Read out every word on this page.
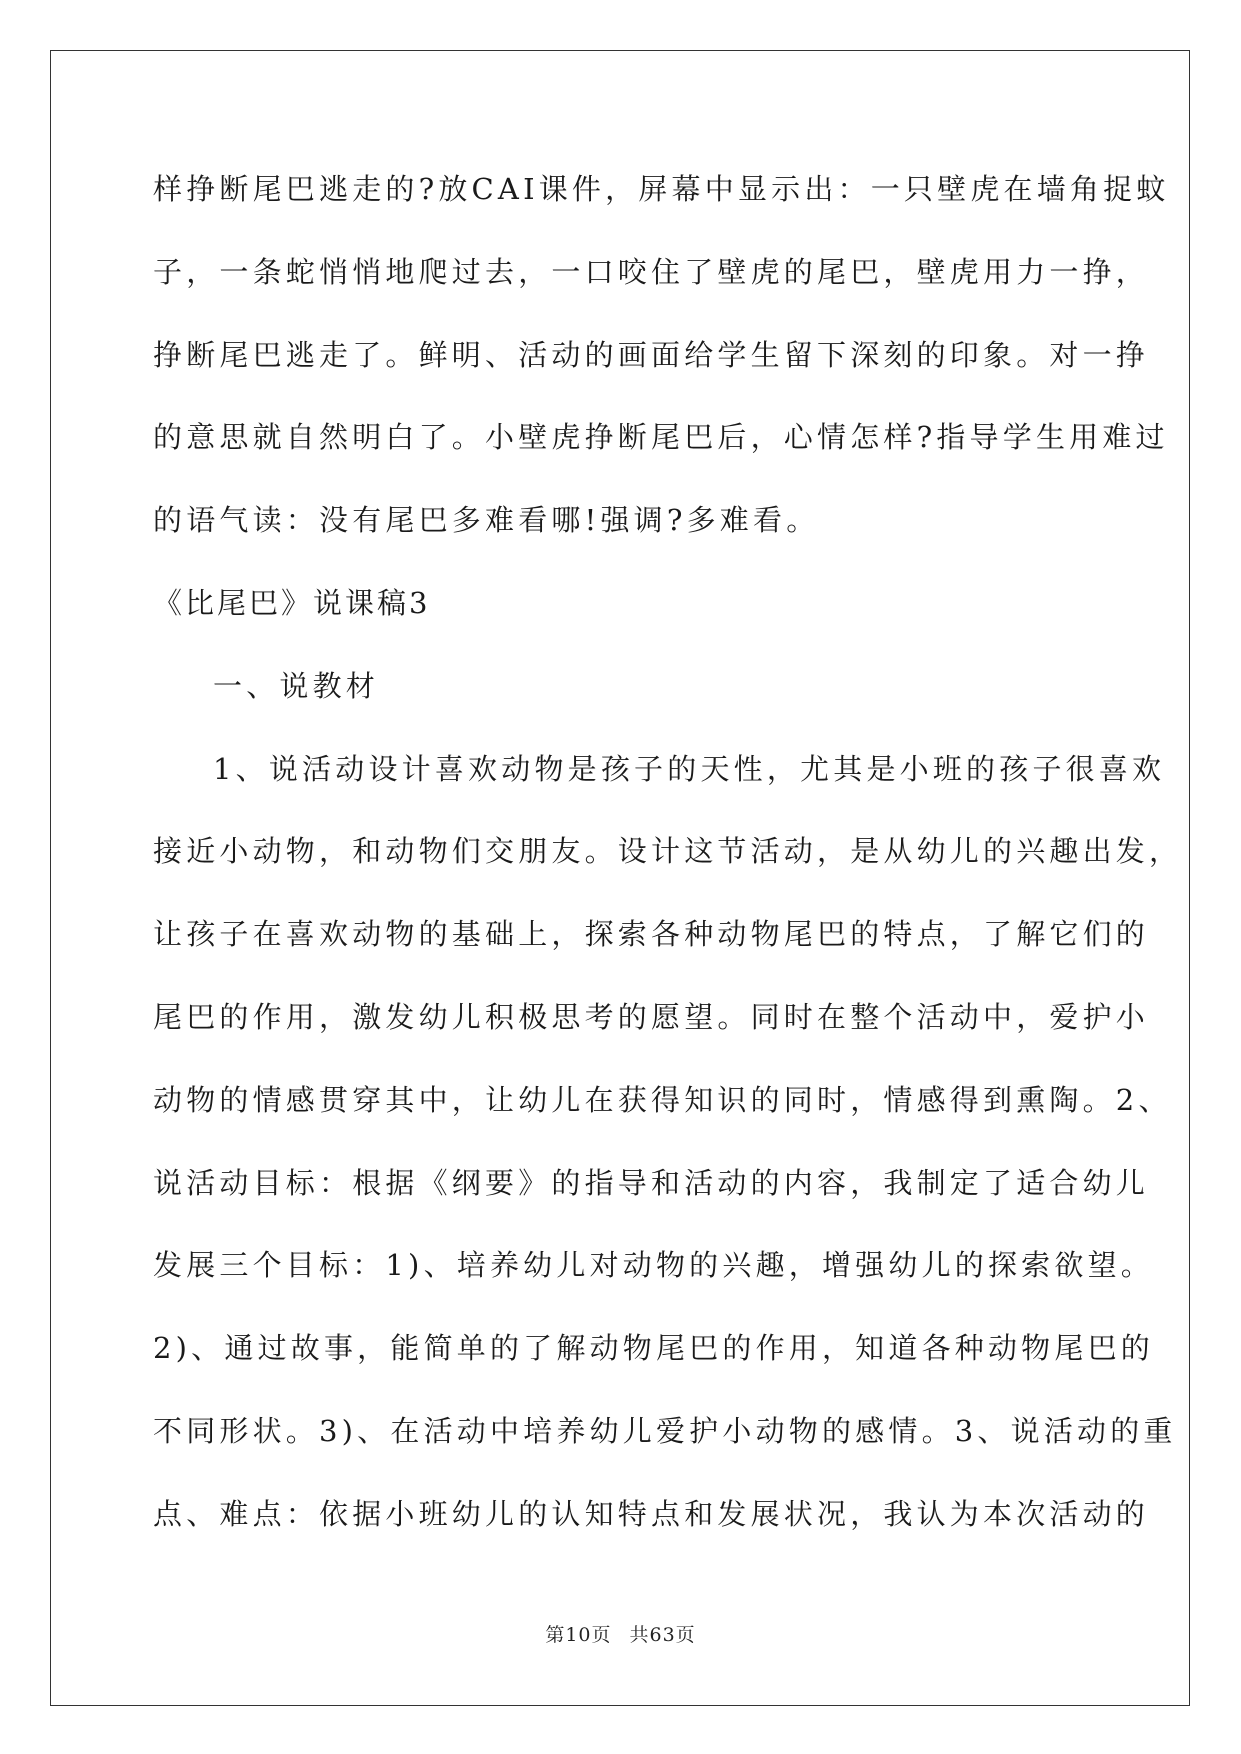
样挣断尾巴逃走的?放CAI课件，屏幕中显示出：一只壁虎在墙角捉蚊
子，一条蛇悄悄地爬过去，一口咬住了壁虎的尾巴，壁虎用力一挣，
挣断尾巴逃走了。鲜明、活动的画面给学生留下深刻的印象。对一挣
的意思就自然明白了。小壁虎挣断尾巴后，心情怎样?指导学生用难过
的语气读：没有尾巴多难看哪!强调?多难看。
《比尾巴》说课稿3
一、说教材
1、说活动设计喜欢动物是孩子的天性，尤其是小班的孩子很喜欢
接近小动物，和动物们交朋友。设计这节活动，是从幼儿的兴趣出发，
让孩子在喜欢动物的基础上，探索各种动物尾巴的特点，了解它们的
尾巴的作用，激发幼儿积极思考的愿望。同时在整个活动中，爱护小
动物的情感贯穿其中，让幼儿在获得知识的同时，情感得到熏陶。2、
说活动目标：根据《纲要》的指导和活动的内容，我制定了适合幼儿
发展三个目标：1)、培养幼儿对动物的兴趣，增强幼儿的探索欲望。
2)、通过故事，能简单的了解动物尾巴的作用，知道各种动物尾巴的
不同形状。3)、在活动中培养幼儿爱护小动物的感情。3、说活动的重
点、难点：依据小班幼儿的认知特点和发展状况，我认为本次活动的
第10页 共63页
